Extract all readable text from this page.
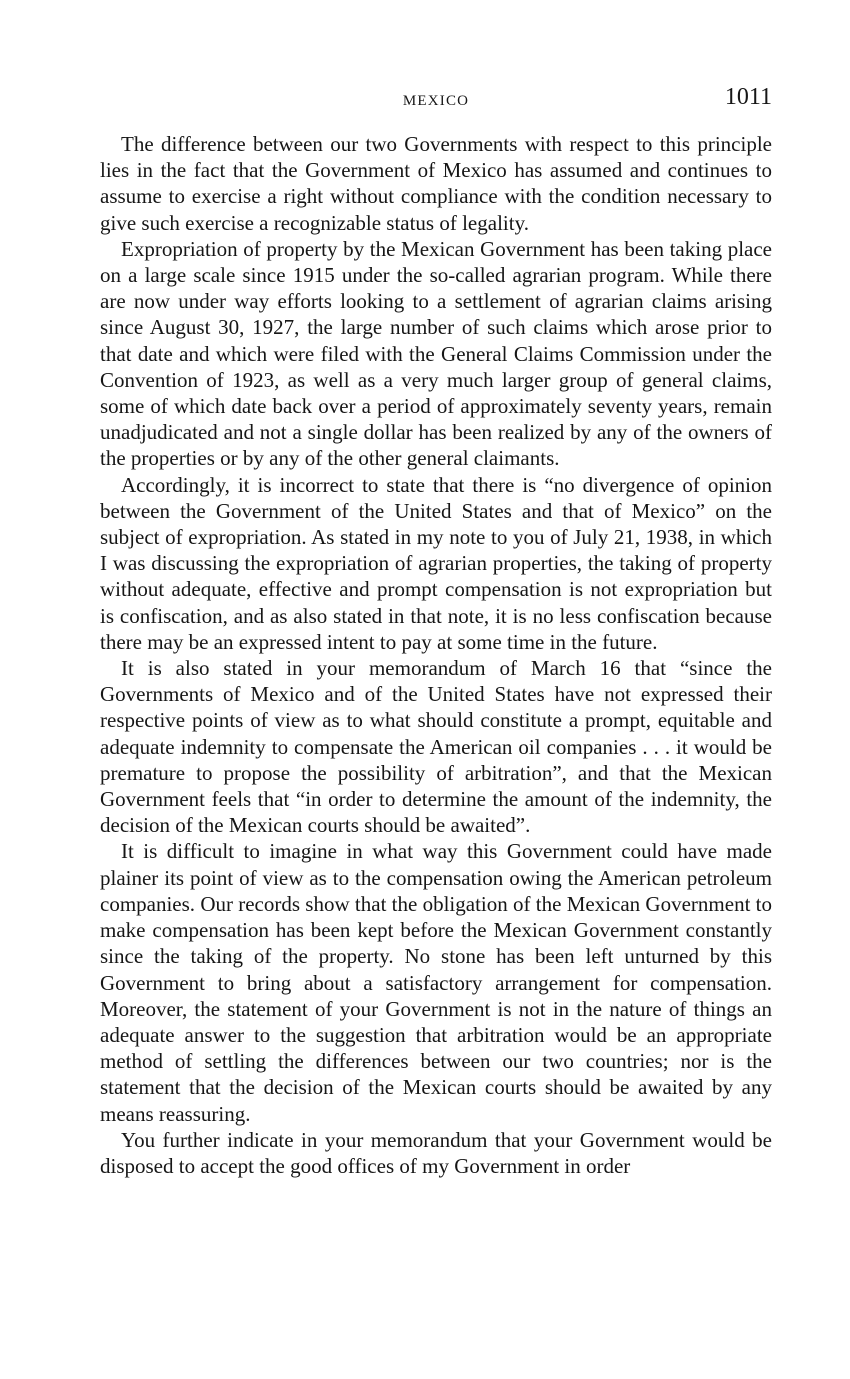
MEXICO	1011

The difference between our two Governments with respect to this principle lies in the fact that the Government of Mexico has assumed and continues to assume to exercise a right without compliance with the condition necessary to give such exercise a recognizable status of legality.

Expropriation of property by the Mexican Government has been taking place on a large scale since 1915 under the so-called agrarian program. While there are now under way efforts looking to a settlement of agrarian claims arising since August 30, 1927, the large number of such claims which arose prior to that date and which were filed with the General Claims Commission under the Convention of 1923, as well as a very much larger group of general claims, some of which date back over a period of approximately seventy years, remain unadjudicated and not a single dollar has been realized by any of the owners of the properties or by any of the other general claimants.

Accordingly, it is incorrect to state that there is “no divergence of opinion between the Government of the United States and that of Mexico” on the subject of expropriation. As stated in my note to you of July 21, 1938, in which I was discussing the expropriation of agrarian properties, the taking of property without adequate, effective and prompt compensation is not expropriation but is confiscation, and as also stated in that note, it is no less confiscation because there may be an expressed intent to pay at some time in the future.

It is also stated in your memorandum of March 16 that “since the Governments of Mexico and of the United States have not expressed their respective points of view as to what should constitute a prompt, equitable and adequate indemnity to compensate the American oil companies . . . it would be premature to propose the possibility of arbitration”, and that the Mexican Government feels that “in order to determine the amount of the indemnity, the decision of the Mexican courts should be awaited”.

It is difficult to imagine in what way this Government could have made plainer its point of view as to the compensation owing the American petroleum companies. Our records show that the obligation of the Mexican Government to make compensation has been kept before the Mexican Government constantly since the taking of the property. No stone has been left unturned by this Government to bring about a satisfactory arrangement for compensation. Moreover, the statement of your Government is not in the nature of things an adequate answer to the suggestion that arbitration would be an appropriate method of settling the differences between our two countries; nor is the statement that the decision of the Mexican courts should be awaited by any means reassuring.

You further indicate in your memorandum that your Government would be disposed to accept the good offices of my Government in order
